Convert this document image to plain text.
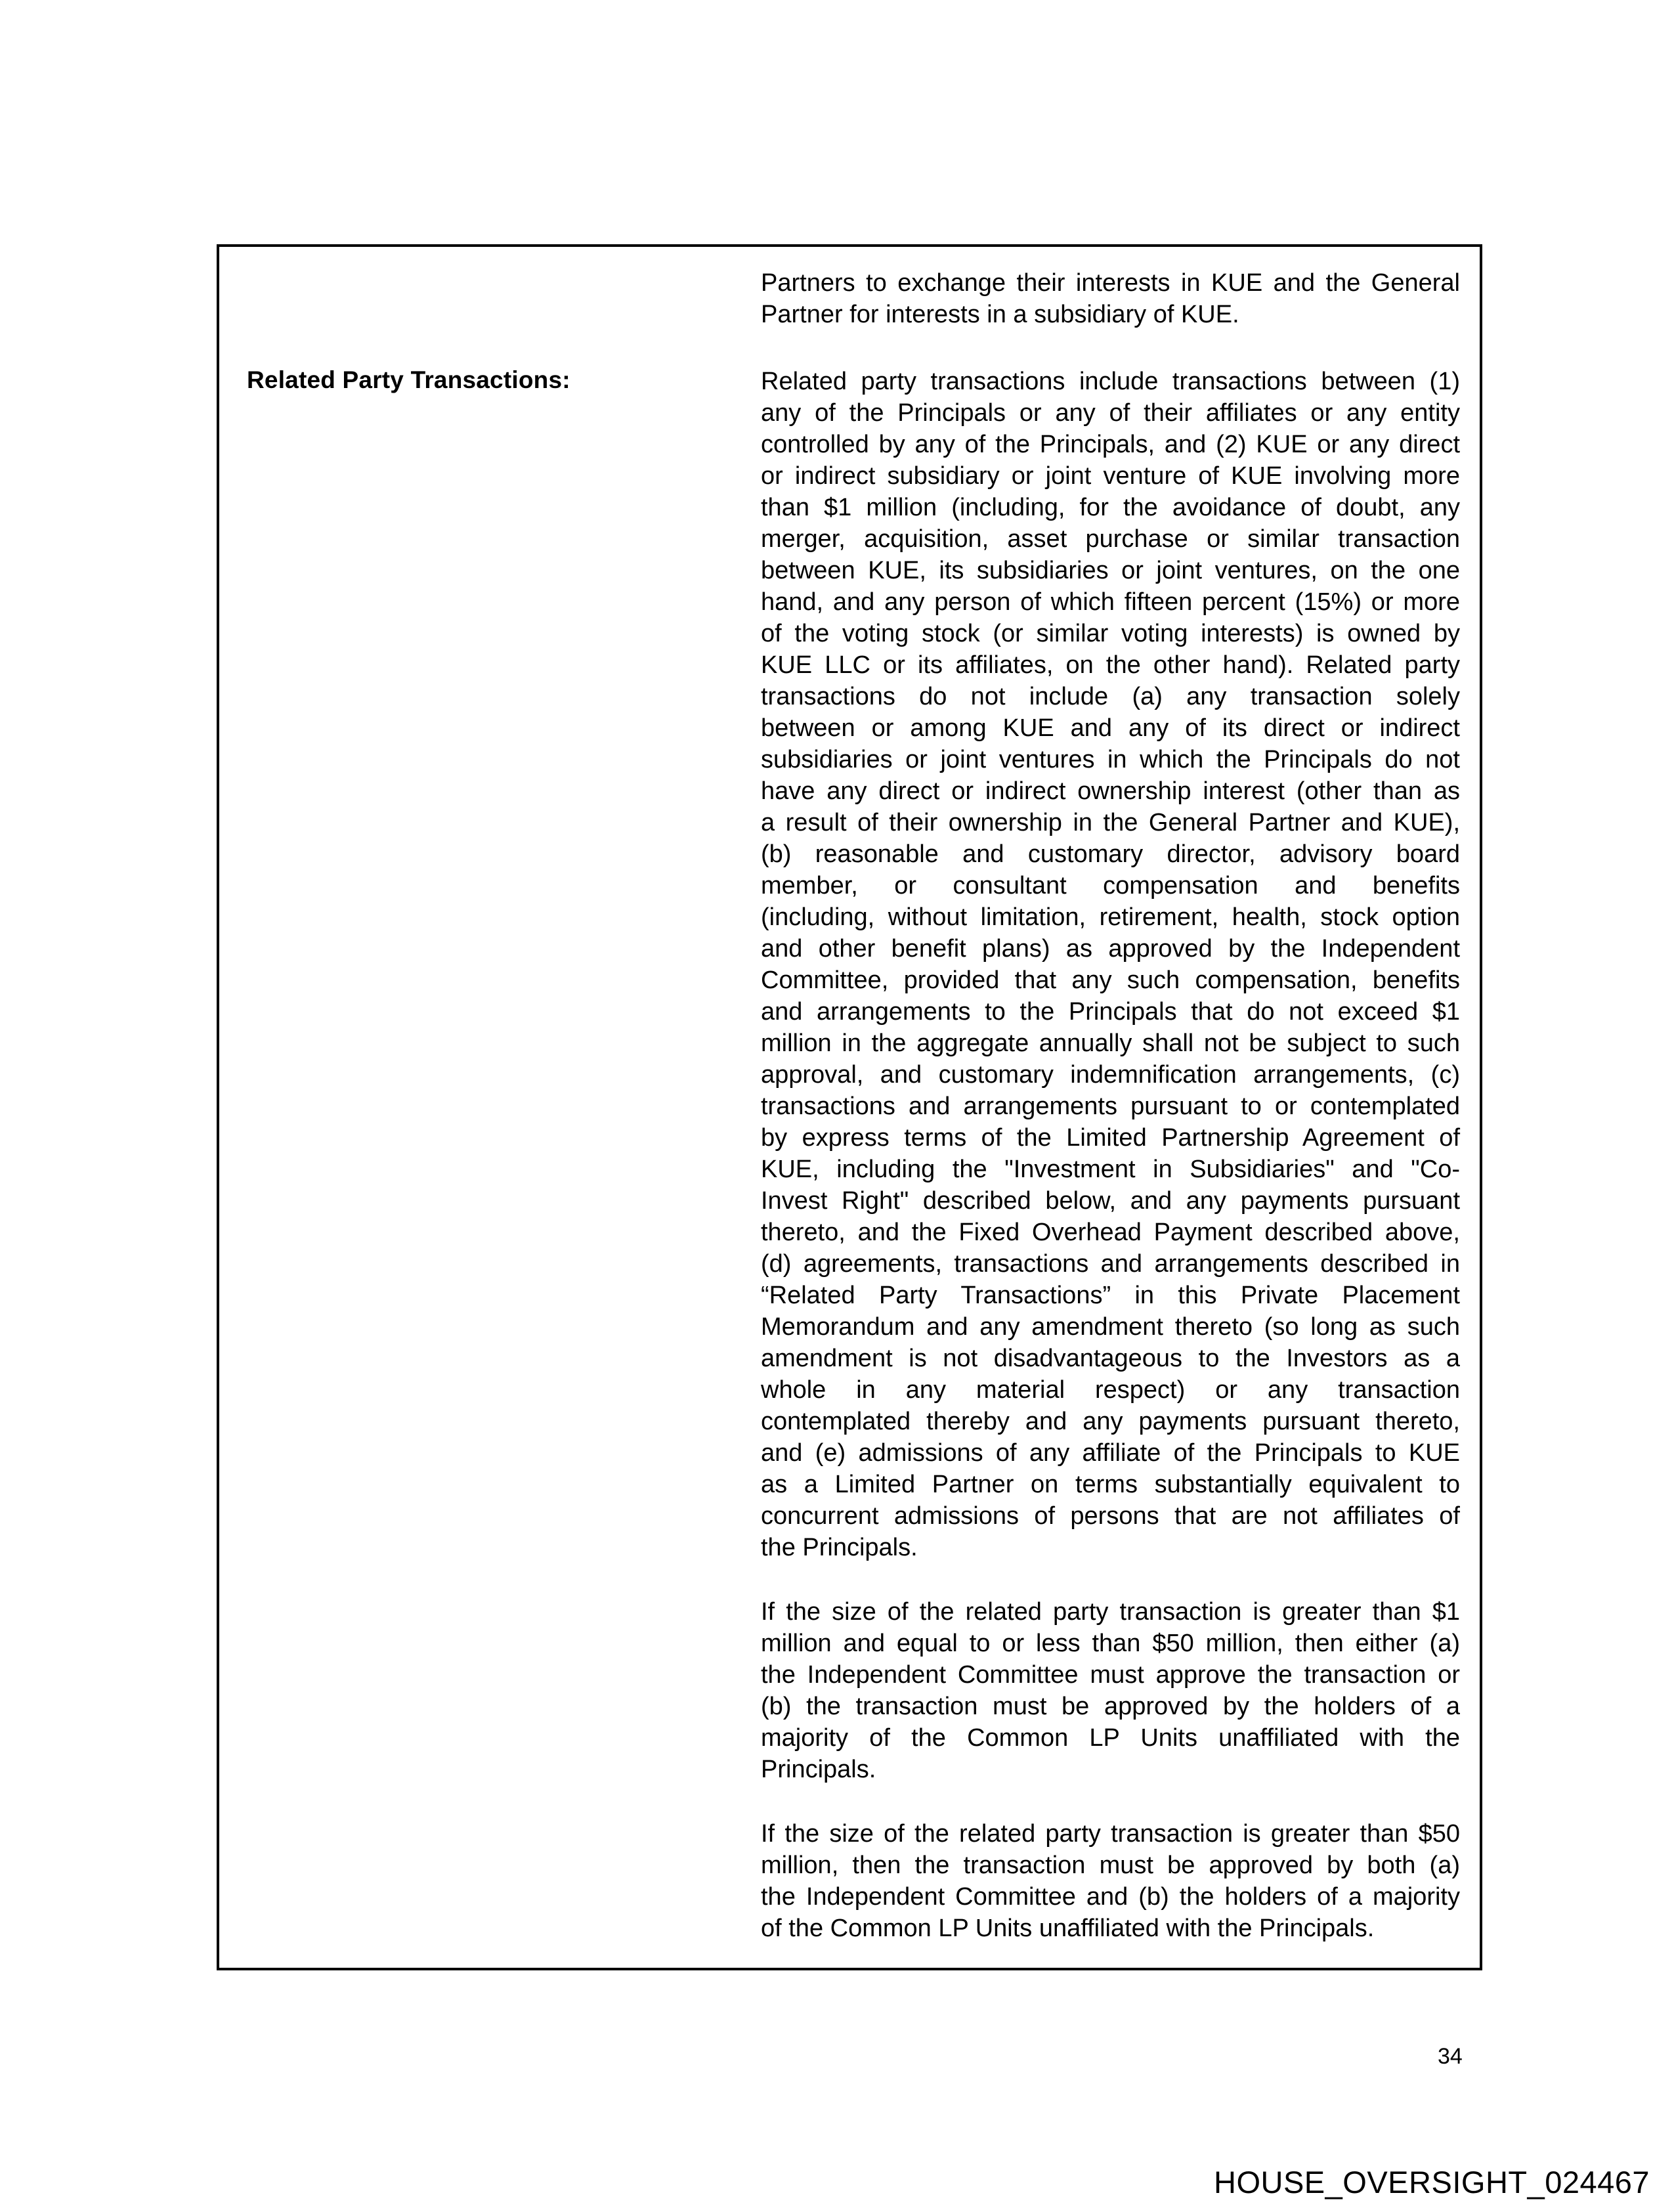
Related Party Transactions:
Partners to exchange their interests in KUE and the General
Partner for interests in a subsidiary of KUE.
Related party transactions include transactions between (1)
any of the Principals or any of their affiliates or any entity
controlled by any of the Principals, and (2) KUE or any direct
or indirect subsidiary or joint venture of KUE involving more
than $1 million (including, for the avoidance of doubt, any
merger, acquisition, asset purchase or similar transaction
between KUE, its subsidiaries or joint ventures, on the one
hand, and any person of which fifteen percent (15%) or more
of the voting stock (or similar voting interests) is owned by
KUE LLC or its affiliates, on the other hand). Related party
transactions do not include (a) any transaction solely
between or among KUE and any of its direct or indirect
subsidiaries or joint ventures in which the Principals do not
have any direct or indirect ownership interest (other than as
a result of their ownership in the General Partner and KUE),
(b) reasonable and customary director, advisory board
member, or consultant compensation and benefits
(including, without limitation, retirement, health, stock option
and other benefit plans) as approved by the Independent
Committee, provided that any such compensation, benefits
and arrangements to the Principals that do not exceed $1
million in the aggregate annually shall not be subject to such
approval, and customary indemnification arrangements, (c)
transactions and arrangements pursuant to or contemplated
by express terms of the Limited Partnership Agreement of
KUE, including the "Investment in Subsidiaries" and "Co-
Invest Right" described below, and any payments pursuant
thereto, and the Fixed Overhead Payment described above,
(d) agreements, transactions and arrangements described in
“Related Party Transactions” in this Private Placement
Memorandum and any amendment thereto (so long as such
amendment is not disadvantageous to the Investors as a
whole in any material respect) or any transaction
contemplated thereby and any payments pursuant thereto,
and (e) admissions of any affiliate of the Principals to KUE
as a Limited Partner on terms substantially equivalent to
concurrent admissions of persons that are not affiliates of
the Principals.
If the size of the related party transaction is greater than $1
million and equal to or less than $50 million, then either (a)
the Independent Committee must approve the transaction or
(b) the transaction must be approved by the holders of a
majority of the Common LP Units unaffiliated with the
Principals.
If the size of the related party transaction is greater than $50
million, then the transaction must be approved by both (a)
the Independent Committee and (b) the holders of a majority
of the Common LP Units unaffiliated with the Principals.
34
HOUSE_OVERSIGHT_024467
